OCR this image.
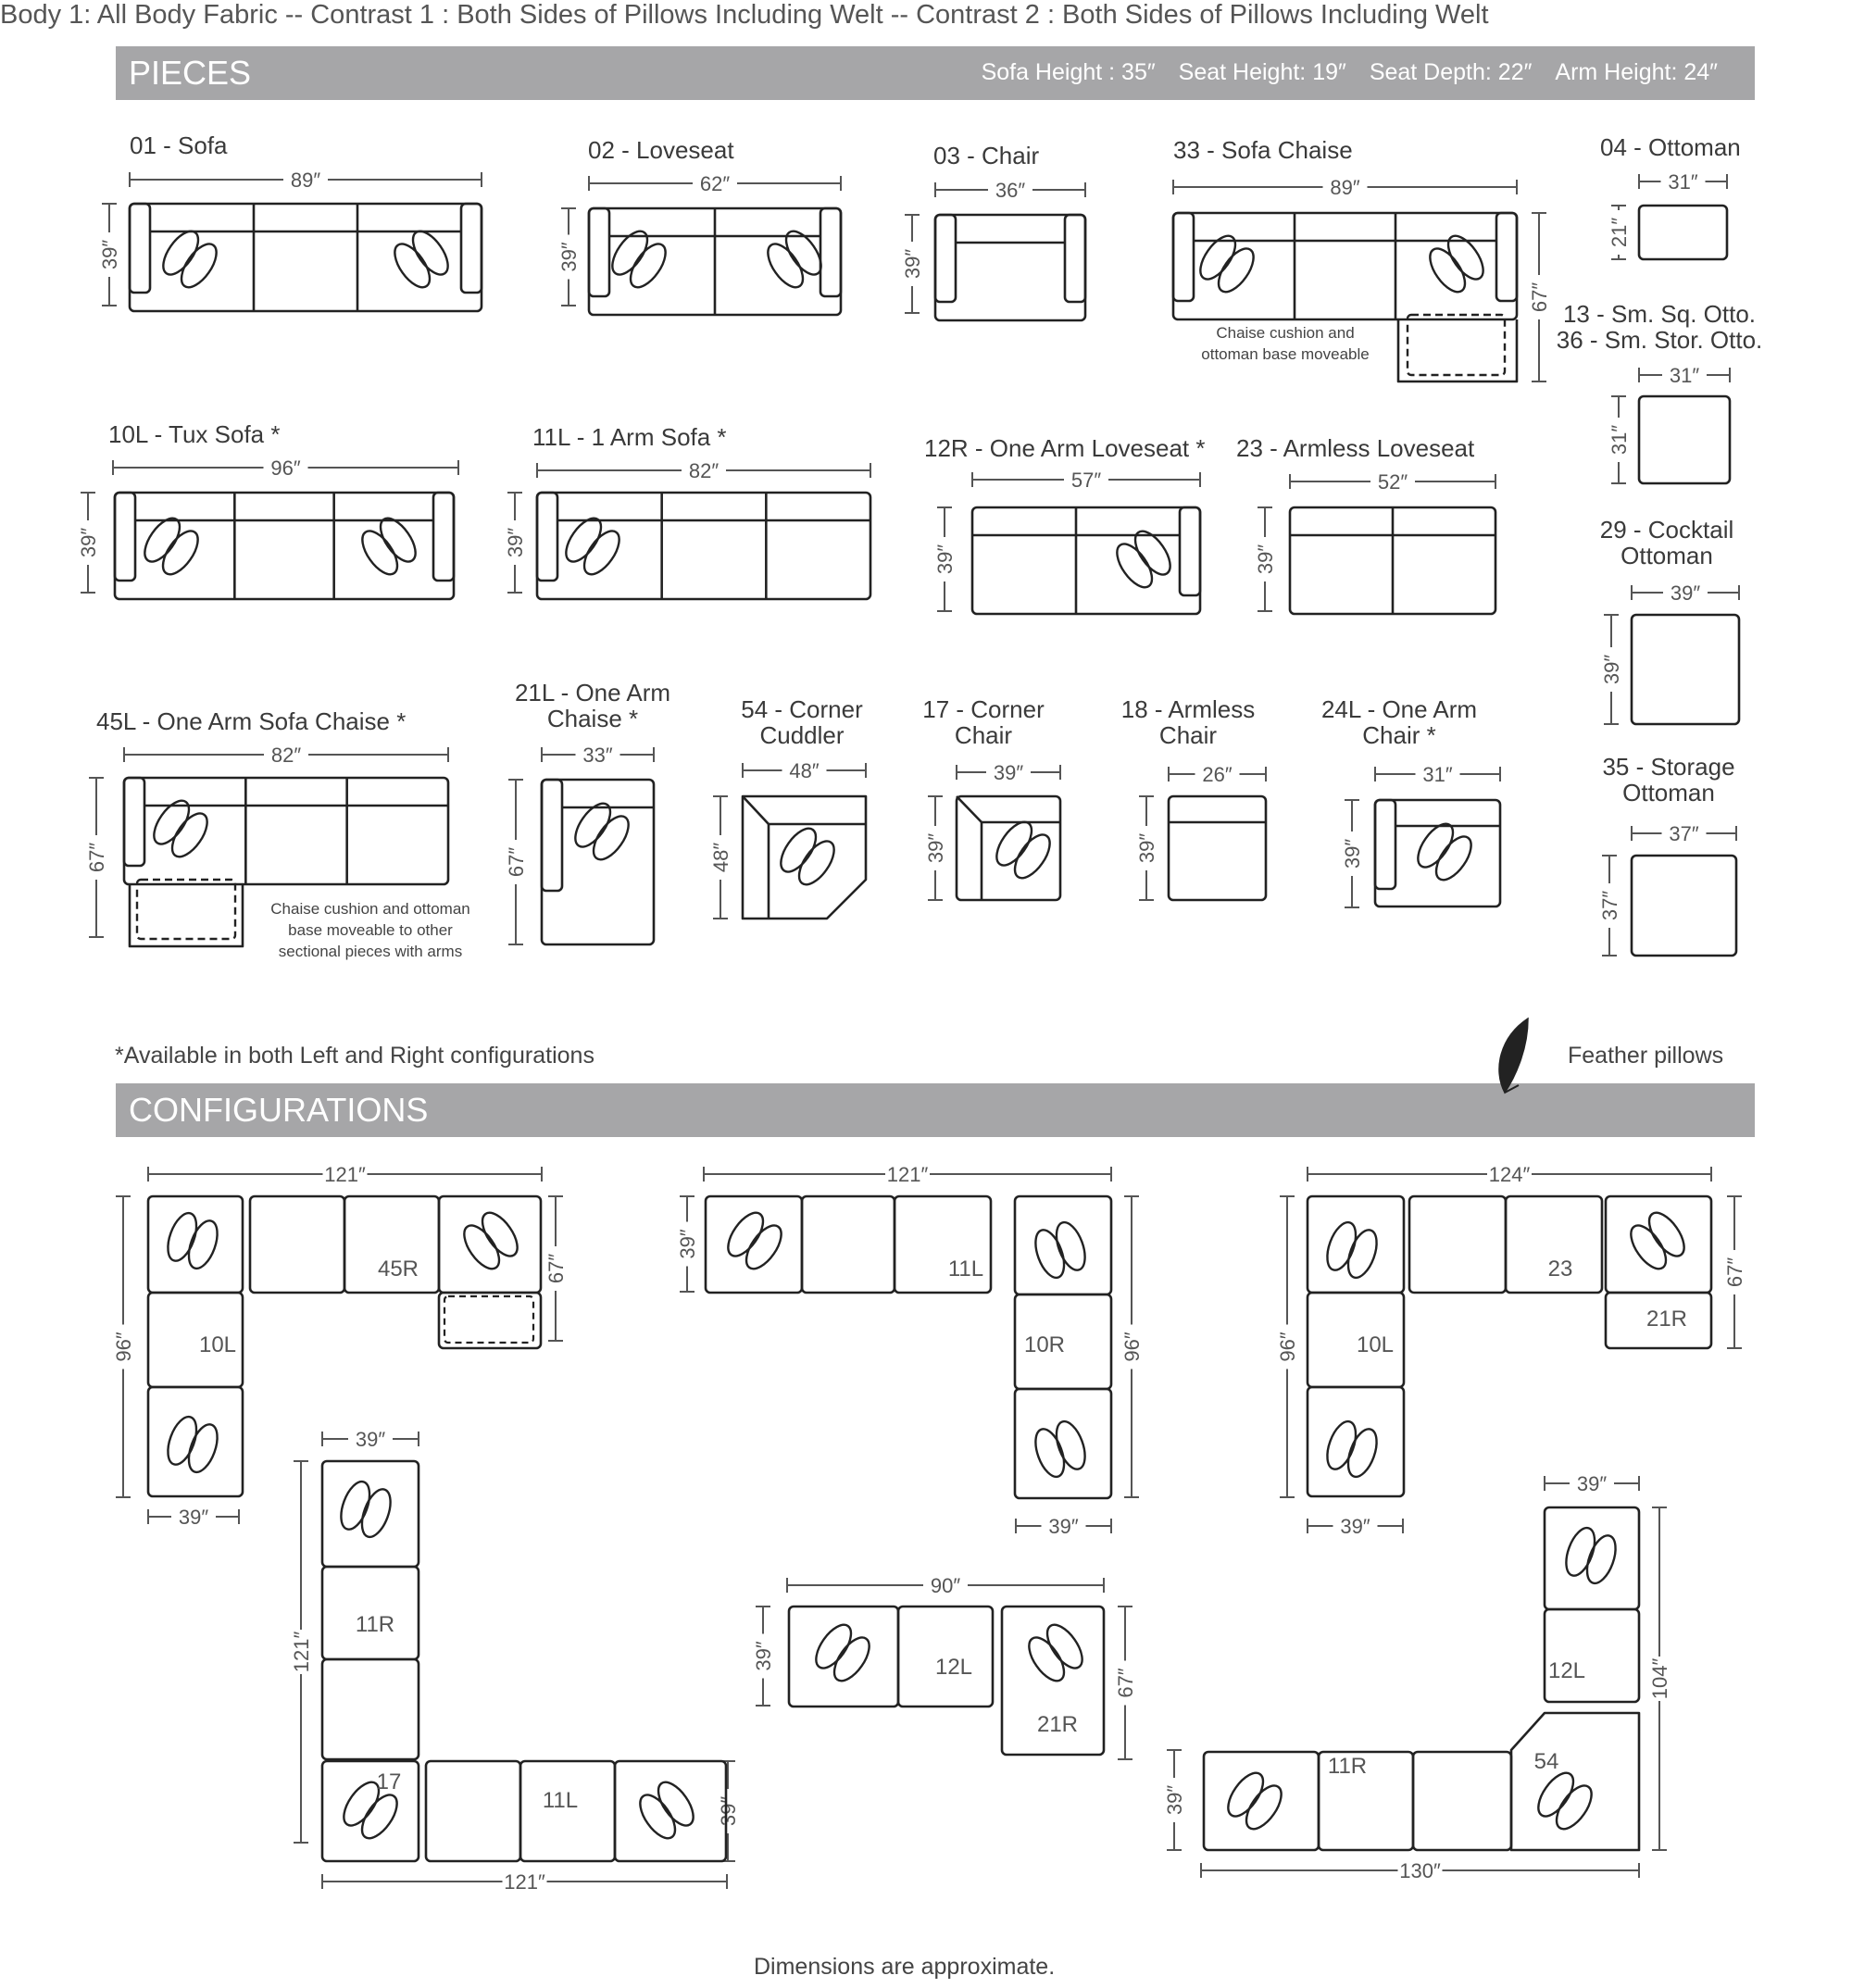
Body 1: All Body Fabric -- Contrast 1 : Both Sides of Pillows Including Welt -- Contrast 2 : Both Sides of Pillows Including Welt
PIECES	Sofa Height : 35″ Seat Height: 19″ Seat Depth: 22″ Arm Height: 24″
CONFIGURATIONS
89″
39″
62″
39″
36″
39″
89″
67″
31″
21″
31″
31″
96″
39″
82″
39″
57″
39″
52″
39″
39″
39″
82″
67″
33″
67″
48″
48″
39″
39″
26″
39″
31″
39″
37″
37″
121″
96″
67″
39″
10L
45R
121″
39″
96″
39″
11L
10R
124″
96″
67″
39″
10L
23
21R
39″
121″
39″
121″
11R
17
11L
90″
39″
67″
12L
21R
39″
104″
39″
130″
12L
54
11R
01 - Sofa	02 - Loveseat	03 - Chair	33 - Sofa Chaise	04 - Ottoman
13 - Sm. Sq. Otto.
36 - Sm. Stor. Otto.
10L - Tux Sofa *	11L - 1 Arm Sofa *	12R - One Arm Loveseat * 23 - Armless Loveseat
29 - Cocktail
Ottoman
45L - One Arm Sofa Chaise *
21L - One Arm
Chaise *	54 - Corner
Cuddler
17 - Corner
Chair
18 - Armless
Chair
24L - One Arm
Chair *
35 - Storage
Ottoman
Chaise cushion and
ottoman base moveable
Chaise cushion and ottoman
base moveable to other
sectional pieces with arms
*Available in both Left and Right configurations	Feather pillows
Dimensions are approximate.
